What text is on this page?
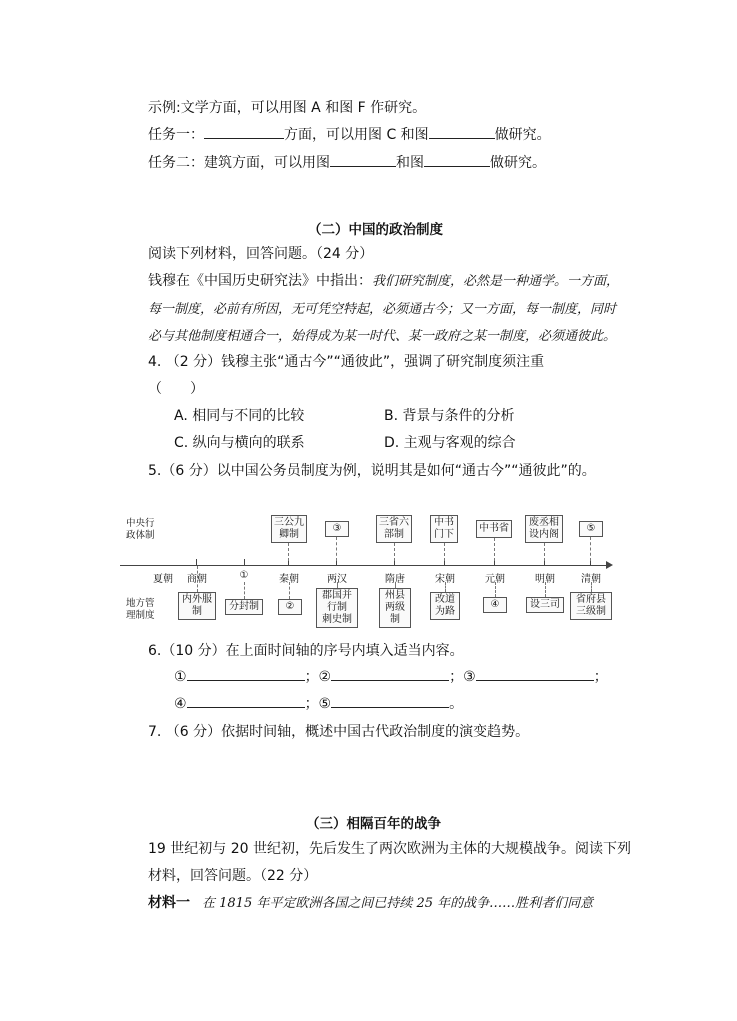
示例:文学方面，可以用图 A 和图 F 作研究。
任务一：	方面，可以用图 C 和图	做研究。
任务二：建筑方面，可以用图	和图	做研究。
（二）中国的政治制度
阅读下列材料，回答问题。（24 分）
钱穆在《中国历史研究法》中指出：我们研究制度，必然是一种通学。一方面，
每一制度，必前有所因，无可凭空特起，必须通古今；又一方面，每一制度，同时
必与其他制度相通合一，始得成为某一时代、某一政府之某一制度，必须通彼此。
4. （2 分）钱穆主张“通古今”“通彼此”，强调了研究制度须注重
（　　）
A. 相同与不同的比较	B. 背景与条件的分析
C. 纵向与横向的联系	D. 主观与客观的综合
5.（6 分）以中国公务员制度为例，说明其是如何“通古今”“通彼此”的。
中央行
政体制
地方管
理制度
夏朝 商朝	①	秦朝	两汉	隋唐	宋朝	元朝	明朝	清朝
三公九
卿制
③
三省六
部制
中书
门下
中书省
废丞相
设内阁
⑤
内外服
制	分封制	②
郡国并
行制
刺史制
州县
两级
制
改道
为路
④	设三司	省府县
三级制
6.（10 分）在上面时间轴的序号内填入适当内容。
①	；②	；③	；
④	；⑤	。
7. （6 分）依据时间轴，概述中国古代政治制度的演变趋势。
（三）相隔百年的战争
19 世纪初与 20 世纪初，先后发生了两次欧洲为主体的大规模战争。阅读下列
材料，回答问题。（22 分）
材料一 在 1815 年平定欧洲各国之间已持续 25 年的战争……胜利者们同意
